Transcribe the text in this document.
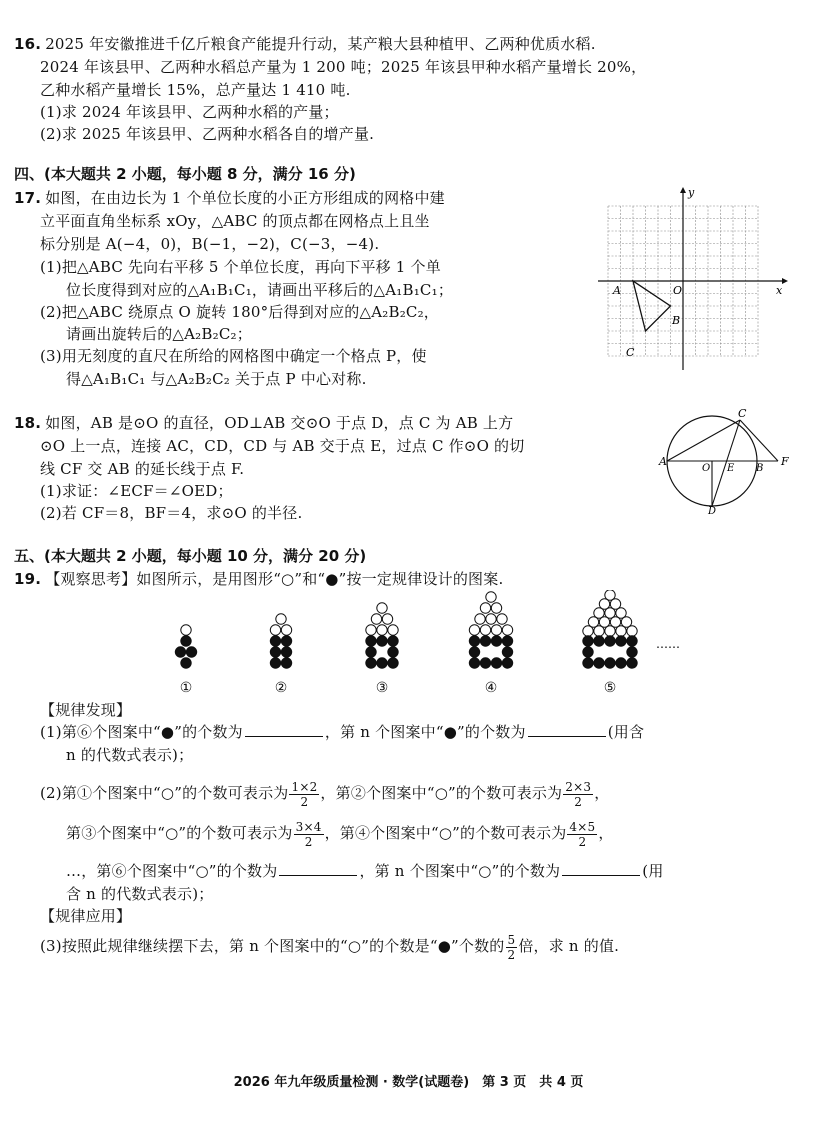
16. 2025 年安徽推进千亿斤粮食产能提升行动，某产粮大县种植甲、乙两种优质水稻.
2024 年该县甲、乙两种水稻总产量为 1 200 吨；2025 年该县甲种水稻产量增长 20%，
乙种水稻产量增长 15%，总产量达 1 410 吨.
(1)求 2024 年该县甲、乙两种水稻的产量；
(2)求 2025 年该县甲、乙两种水稻各自的增产量.
四、(本大题共 2 小题，每小题 8 分，满分 16 分)
17. 如图，在由边长为 1 个单位长度的小正方形组成的网格中建
立平面直角坐标系 xOy，△ABC 的顶点都在网格点上且坐
标分别是 A(−4，0)，B(−1，−2)，C(−3，−4).
(1)把△ABC 先向右平移 5 个单位长度，再向下平移 1 个单
位长度得到对应的△A₁B₁C₁，请画出平移后的△A₁B₁C₁；
(2)把△ABC 绕原点 O 旋转 180°后得到对应的△A₂B₂C₂，
请画出旋转后的△A₂B₂C₂；
(3)用无刻度的直尺在所给的网格图中确定一个格点 P，使
得△A₁B₁C₁ 与△A₂B₂C₂ 关于点 P 中心对称.
y
x
O
A
B
C
18. 如图，AB 是⊙O 的直径，OD⊥AB 交⊙O 于点 D，点 C 为 AB 上方
⊙O 上一点，连接 AC，CD，CD 与 AB 交于点 E，过点 C 作⊙O 的切
线 CF 交 AB 的延长线于点 F.
(1)求证：∠ECF＝∠OED；
(2)若 CF＝8，BF＝4，求⊙O 的半径.
A
O E B
F
C
D
五、(本大题共 2 小题，每小题 10 分，满分 20 分)
19. 【观察思考】如图所示，是用图形“○”和“●”按一定规律设计的图案.
……
①	②	③	④	⑤
【规律发现】
(1)第⑥个图案中“●”的个数为	，第 n 个图案中“●”的个数为	(用含
n 的代数式表示)；
(2)第①个图案中“○”的个数可表示为 $\frac{1\times 2}{2}$ ，第②个图案中“○”的个数可表示为 $\frac{2\times 3}{2}$ ，
第③个图案中“○”的个数可表示为 $\frac{3\times 4}{2}$ ，第④个图案中“○”的个数可表示为 $\frac{4\times 5}{2}$ ，
…，第⑥个图案中“○”的个数为	，第 n 个图案中“○”的个数为	(用
含 n 的代数式表示)；
【规律应用】
(3)按照此规律继续摆下去，第 n 个图案中的“○”的个数是“●”个数的 $\frac{5}{2}$ 倍，求 n 的值.
2026 年九年级质量检测 · 数学(试题卷)　第 3 页　共 4 页
